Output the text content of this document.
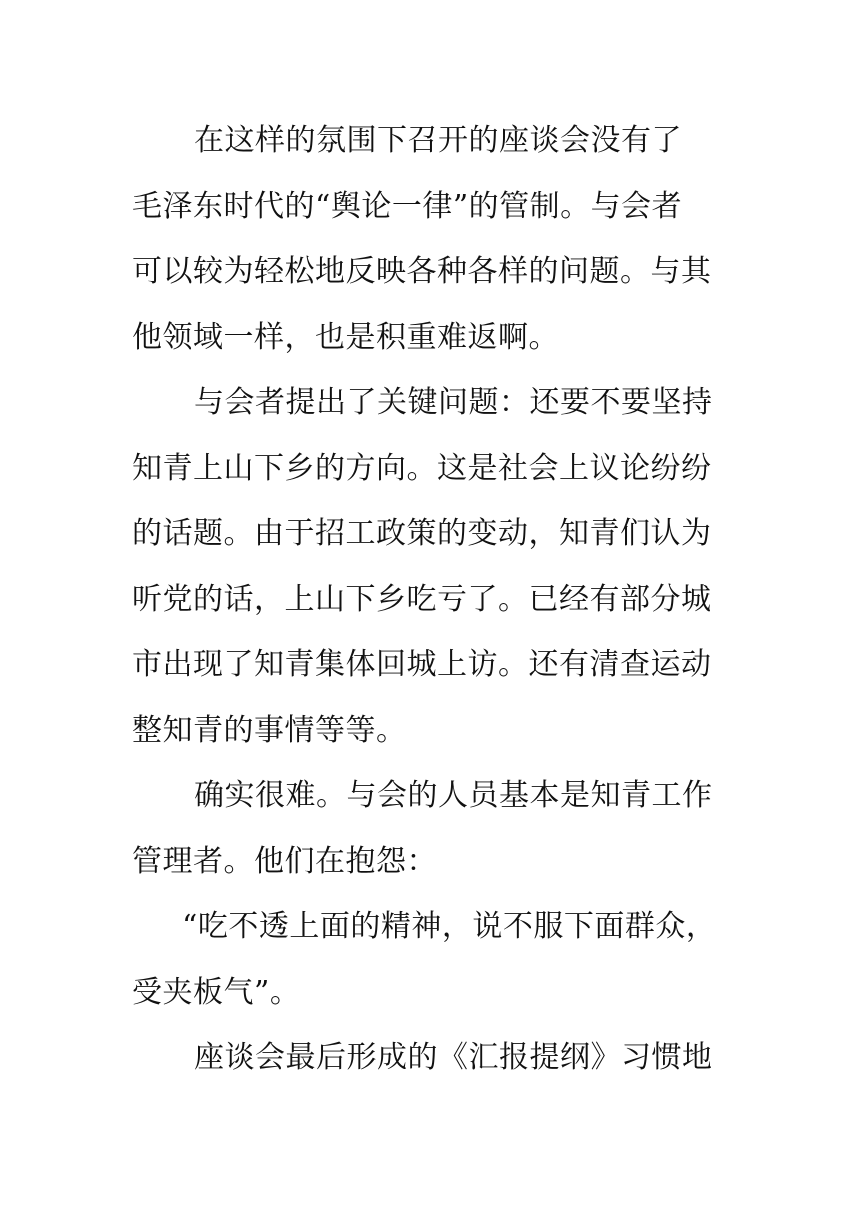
在这样的氛围下召开的座谈会没有了
毛泽东时代的“舆论一律”的管制。与会者
可以较为轻松地反映各种各样的问题。与其
他领域一样，也是积重难返啊。
与会者提出了关键问题：还要不要坚持
知青上山下乡的方向。这是社会上议论纷纷
的话题。由于招工政策的变动，知青们认为
听党的话，上山下乡吃亏了。已经有部分城
市出现了知青集体回城上访。还有清查运动
整知青的事情等等。
确实很难。与会的人员基本是知青工作
管理者。他们在抱怨：
“吃不透上面的精神，说不服下面群众，
受夹板气”。
座谈会最后形成的《汇报提纲》习惯地
